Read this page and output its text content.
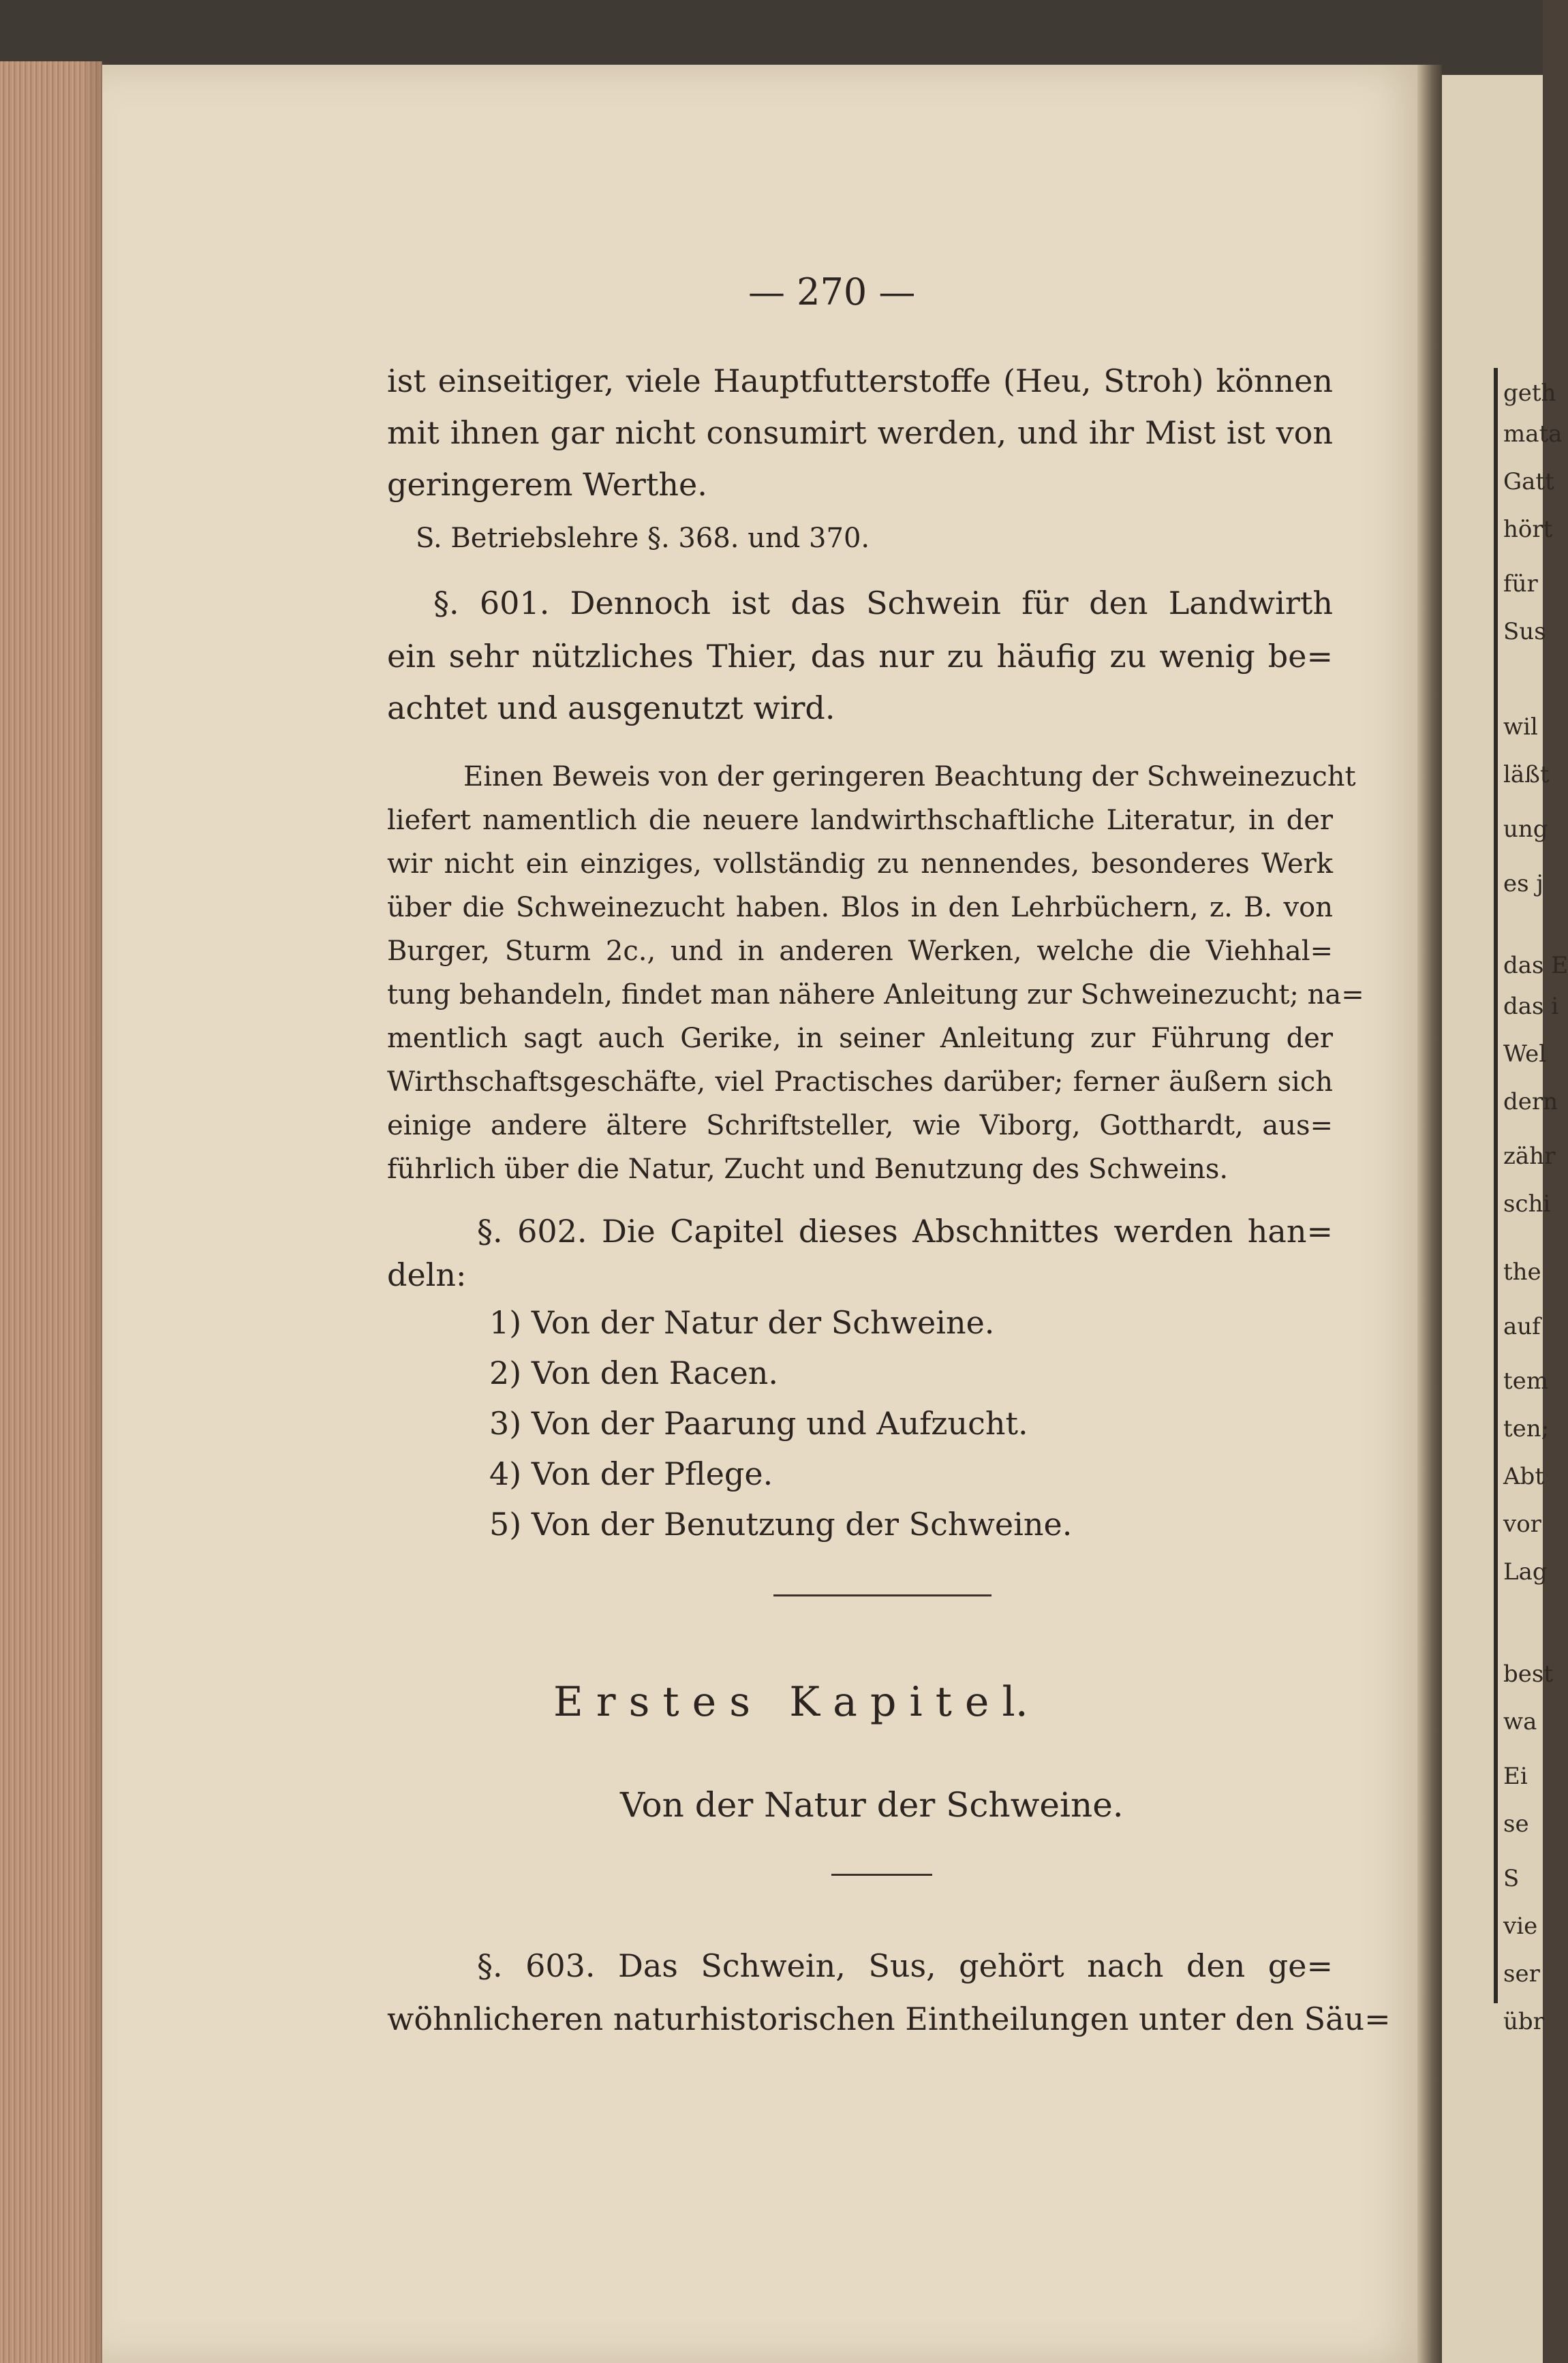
— 270 —

ist einseitiger, viele Hauptfutterstoffe (Heu, Stroh) können

mit ihnen gar nicht consumirt werden, und ihr Mist ist von

geringerem Werthe.

S. Betriebslehre §. 368. und 370.

§. 601. Dennoch ist das Schwein für den Landwirth

ein sehr nützliches Thier, das nur zu häufig zu wenig be=

achtet und ausgenutzt wird.

Einen Beweis von der geringeren Beachtung der Schweinezucht

liefert namentlich die neuere landwirthschaftliche Literatur, in der

wir nicht ein einziges, vollständig zu nennendes, besonderes Werk

über die Schweinezucht haben. Blos in den Lehrbüchern, z. B. von

Burger, Sturm 2c., und in anderen Werken, welche die Viehhal=

tung behandeln, findet man nähere Anleitung zur Schweinezucht; na=

mentlich sagt auch Gerike, in seiner Anleitung zur Führung der

Wirthschaftsgeschäfte, viel Practisches darüber; ferner äußern sich

einige andere ältere Schriftsteller, wie Viborg, Gotthardt, aus=

führlich über die Natur, Zucht und Benutzung des Schweins.

§. 602. Die Capitel dieses Abschnittes werden han=

deln:

1) Von der Natur der Schweine.

2) Von den Racen.

3) Von der Paarung und Aufzucht.

4) Von der Pflege.

5) Von der Benutzung der Schweine.

E r s t e s   K a p i t e l.

Von der Natur der Schweine.

§. 603. Das Schwein, Sus, gehört nach den ge=

wöhnlicheren naturhistorischen Eintheilungen unter den Säu=

geth

mata

Gatt

hört

für

Sus

wil

läßt

ung

es j

das E

das i

Wel

dern

zähr

schi

the

auf

tem

ten;

Abt

vor

Lag

best

wa

Ei

se

S

vie

ser

übr
